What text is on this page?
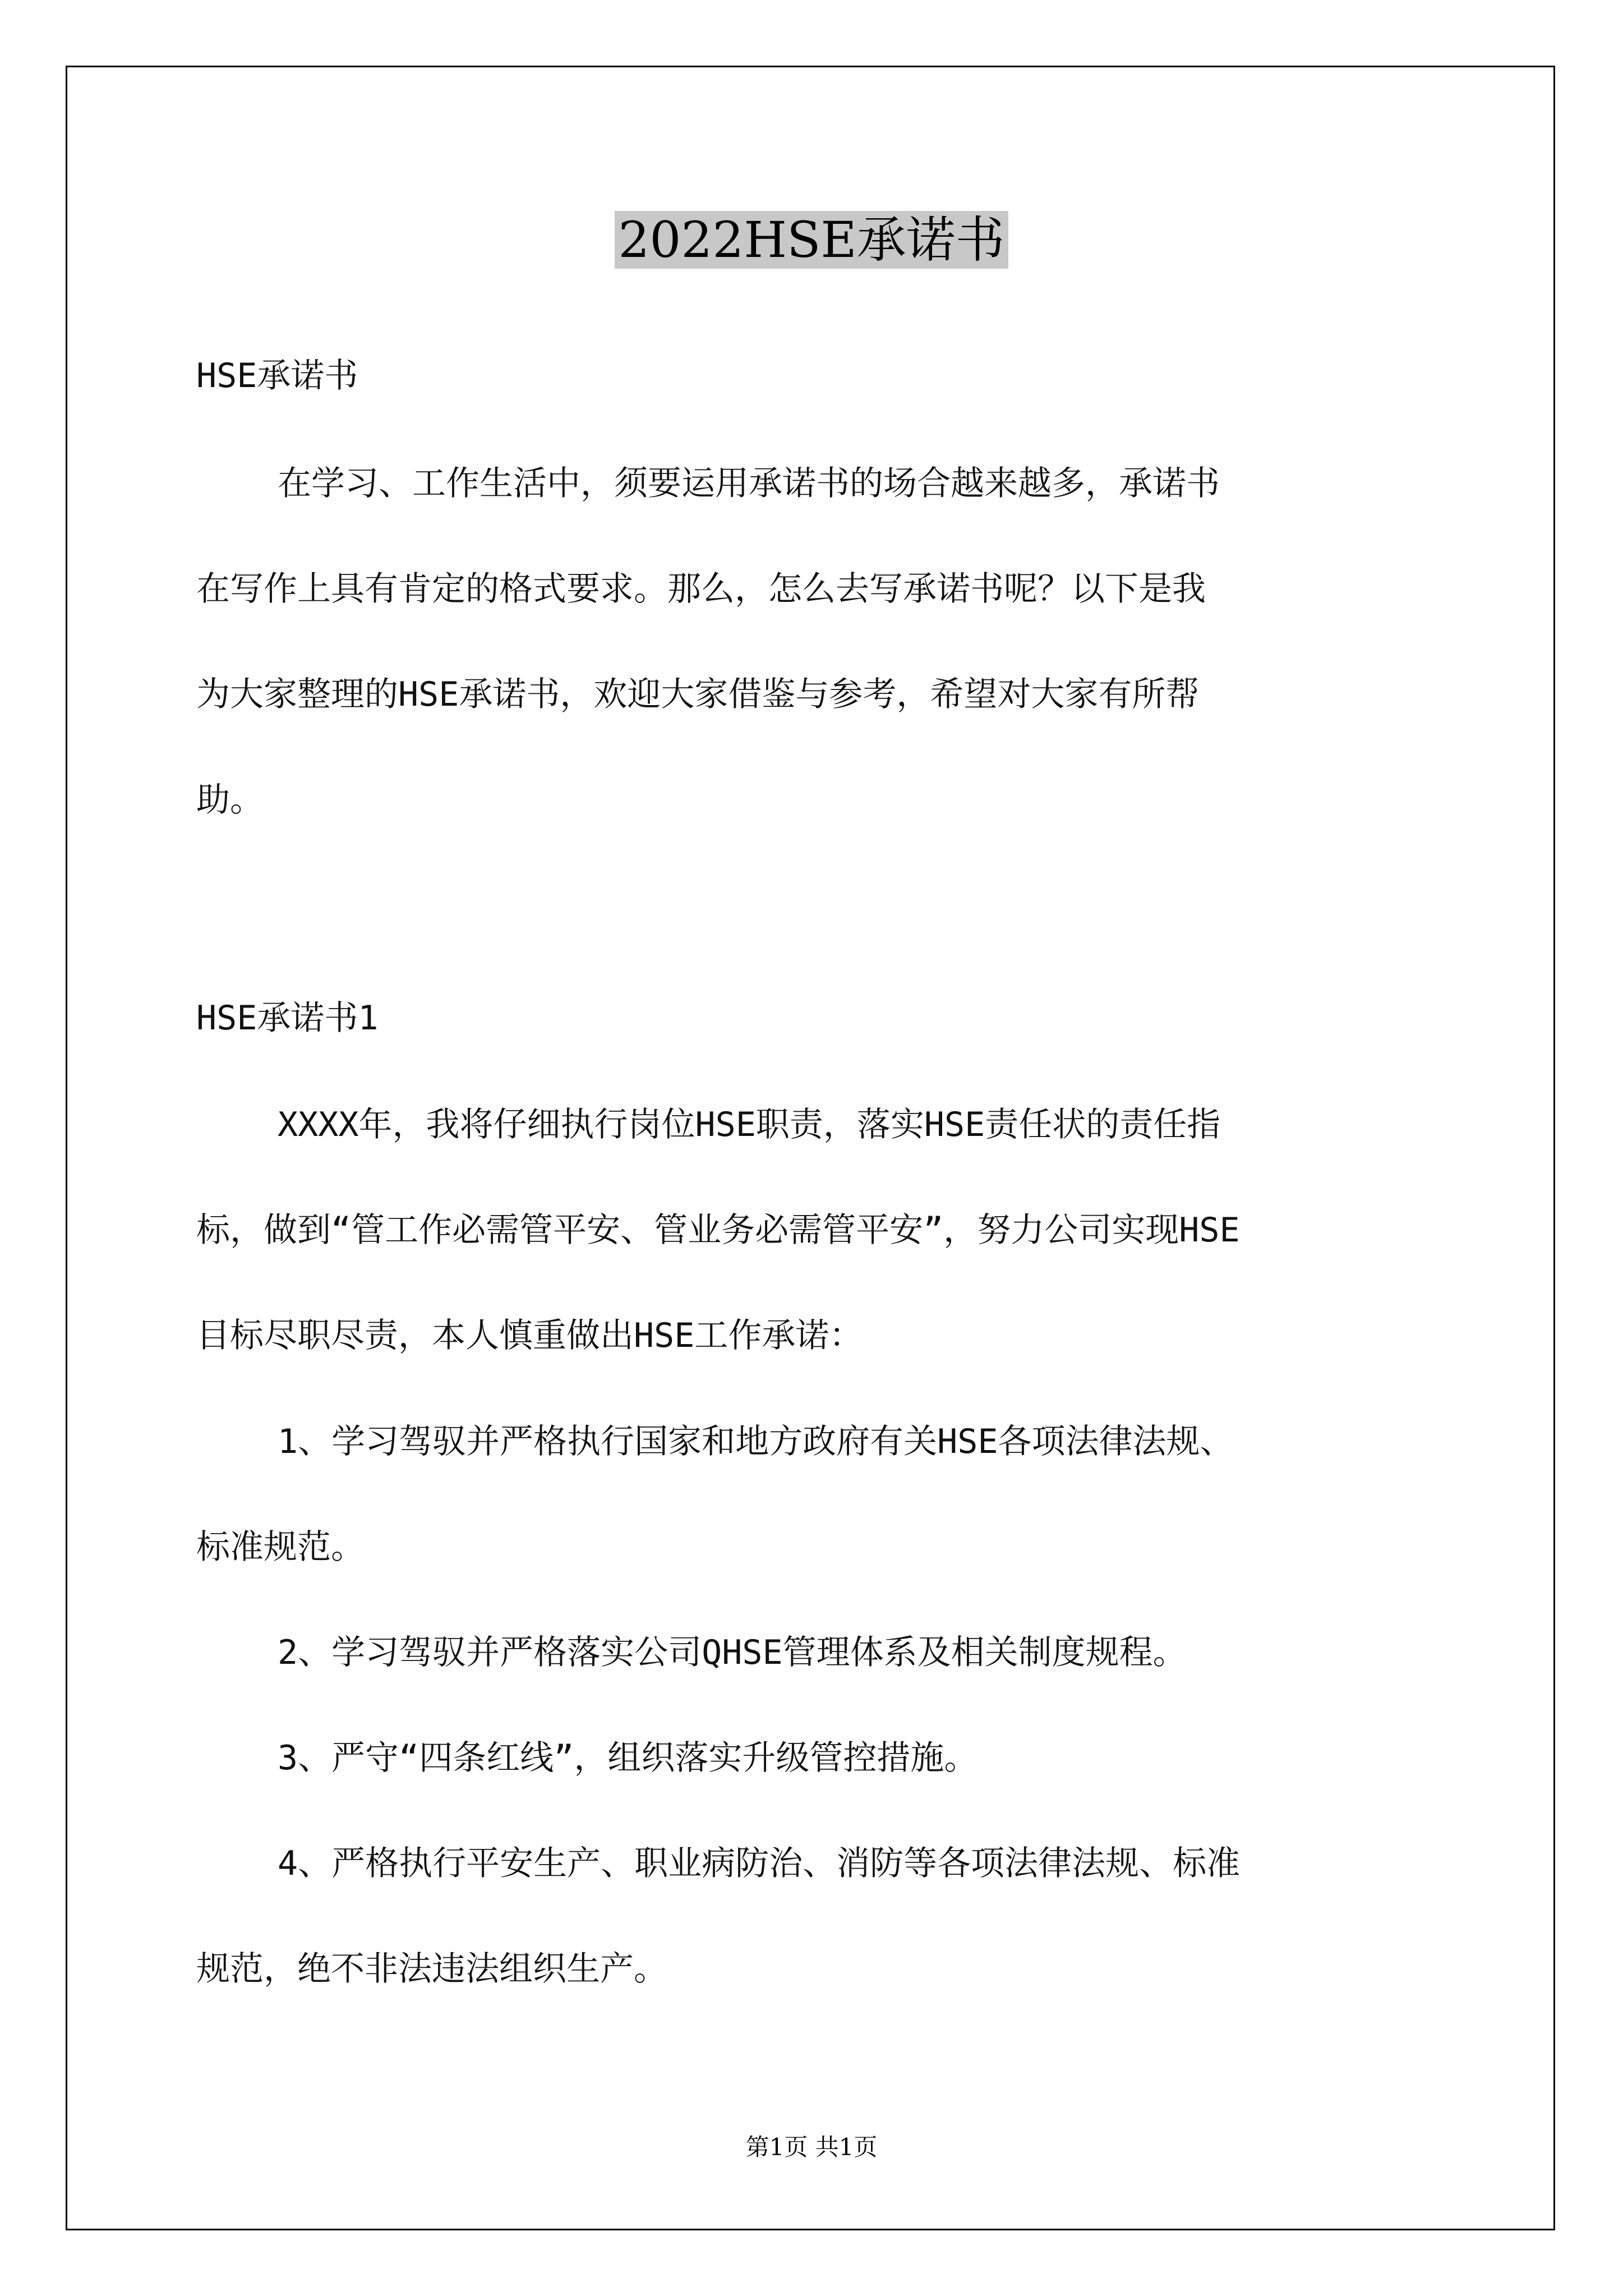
2022HSE承诺书
HSE承诺书
在学习、工作生活中，须要运用承诺书的场合越来越多，承诺书
在写作上具有肯定的格式要求。那么，怎么去写承诺书呢？以下是我
为大家整理的HSE承诺书，欢迎大家借鉴与参考，希望对大家有所帮
助。
HSE承诺书1
XXXX年，我将仔细执行岗位HSE职责，落实HSE责任状的责任指
标，做到“管工作必需管平安、管业务必需管平安”，努力公司实现HSE
目标尽职尽责，本人慎重做出HSE工作承诺：
1、学习驾驭并严格执行国家和地方政府有关HSE各项法律法规、
标准规范。
2、学习驾驭并严格落实公司QHSE管理体系及相关制度规程。
3、严守“四条红线”，组织落实升级管控措施。
4、严格执行平安生产、职业病防治、消防等各项法律法规、标准
规范，绝不非法违法组织生产。
第1页 共1页
